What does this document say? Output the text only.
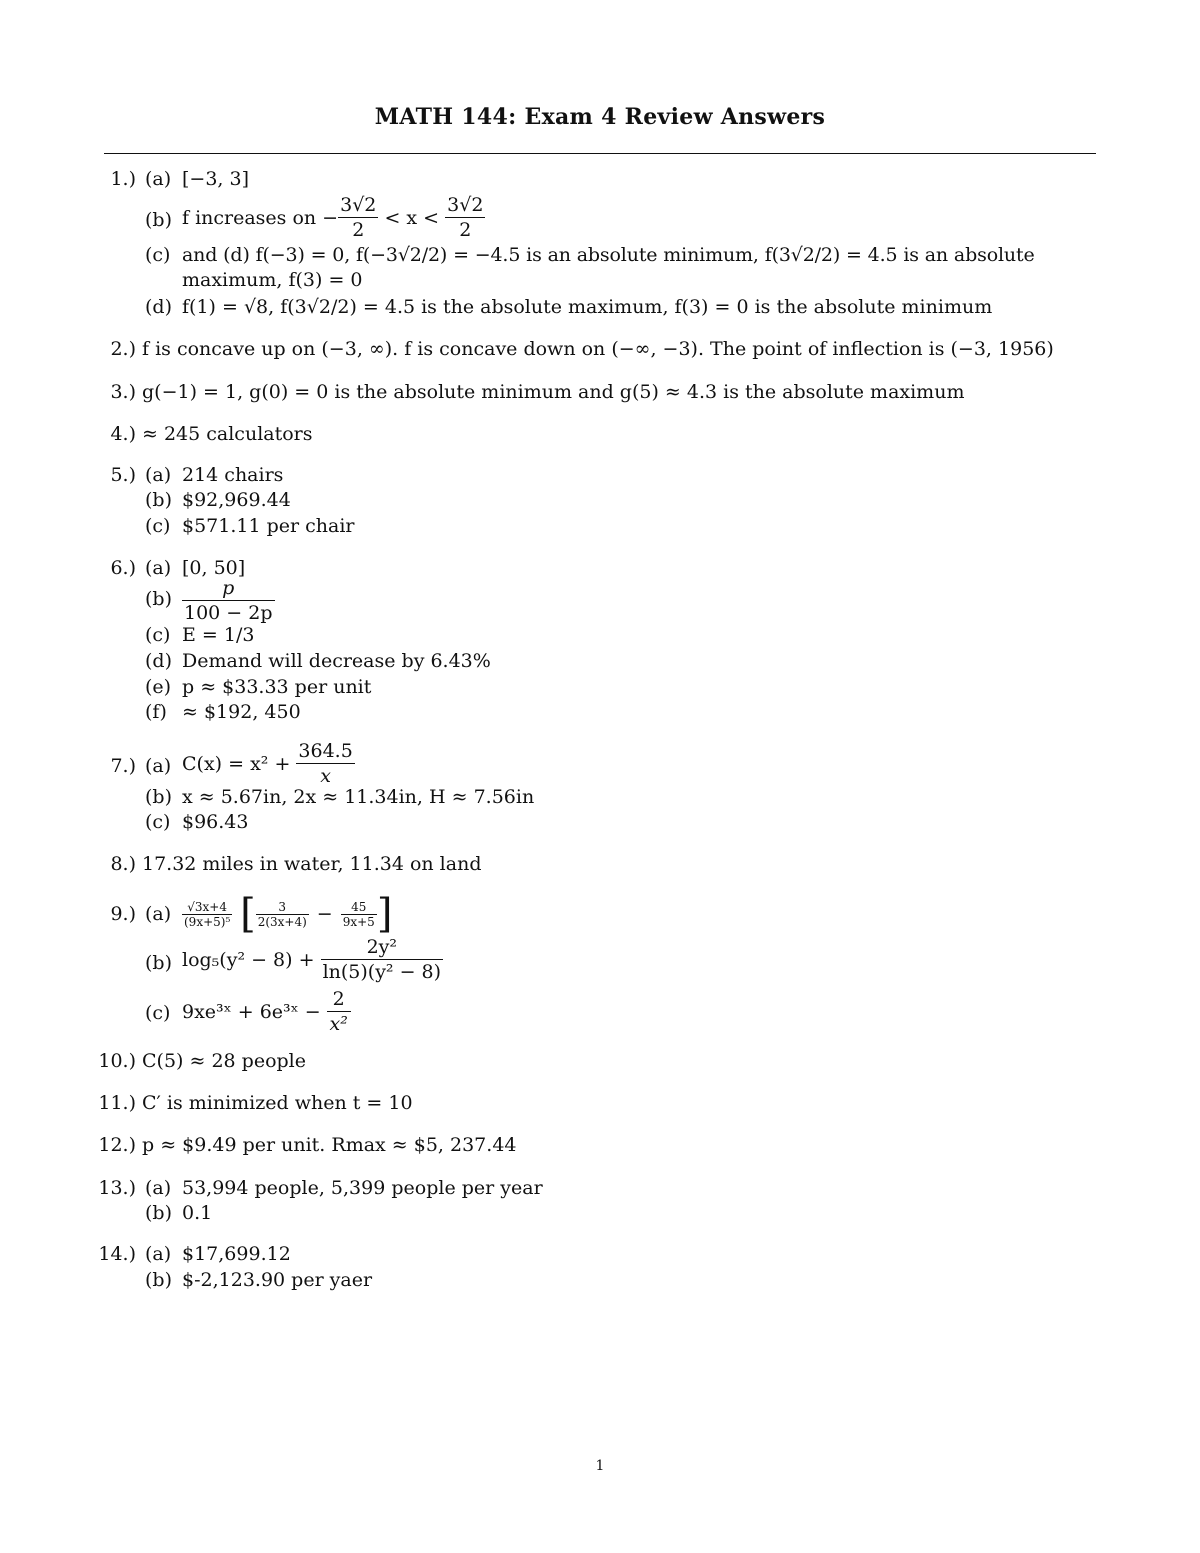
MATH 144: Exam 4 Review Answers
1.) (a) [−3, 3]
(b) f increases on − $\frac{3√2}{2} < x < \frac{3√2}{2}$
(c) and (d) f(−3) = 0, f(−3√2/2) = −4.5 is an absolute minimum, f(3√2/2) = 4.5 is an absolute
maximum, f(3) = 0
(d) f(1) = √8, f(3√2/2) = 4.5 is the absolute maximum, f(3) = 0 is the absolute minimum
2.) f is concave up on (−3, ∞). f is concave down on (−∞, −3). The point of inflection is (−3, 1956)
3.) g(−1) = 1, g(0) = 0 is the absolute minimum and g(5) ≈ 4.3 is the absolute maximum
4.) ≈ 245 calculators
5.) (a) 214 chairs
(b) $92,969.44
(c) $571.11 per chair
6.) (a) [0, 50]
$(b) \frac{p}{100 - 2p}$
(c) E = 1/3
(d) Demand will decrease by 6.43%
(e) p ≈ $33.33 per unit
(f) ≈ $192, 450
7.) (a) $C(x) = x^2 + \frac{364.5}{x}$
(b) x ≈ 5.67in, 2x ≈ 11.34in, H ≈ 7.56in
(c) $96.43
8.) 17.32 miles in water, 11.34 on land
9.) $(a) \frac{√3x+4}{\text{(9x+5)⁵}}$ [ $\frac{3}{2(3x+4)} - \frac{45}{9x+5}$ ]
(b) $\log_5(y^2 - 8) + \frac{\text{2y²}}{\text{ln(5)(y² − 8)}}$
(c) 9xe³ˣ + 6e³ˣ − $\frac{2}{\text{x²}}$
10.) C(5) ≈ 28 people
11.) C′ is minimized when t = 10
12.) p ≈ $9.49 per unit. Rmax ≈ $5, 237.44
13.) (a) 53,994 people, 5,399 people per year
(b) 0.1
14.) (a) $17,699.12
(b) $-2,123.90 per yaer
1
